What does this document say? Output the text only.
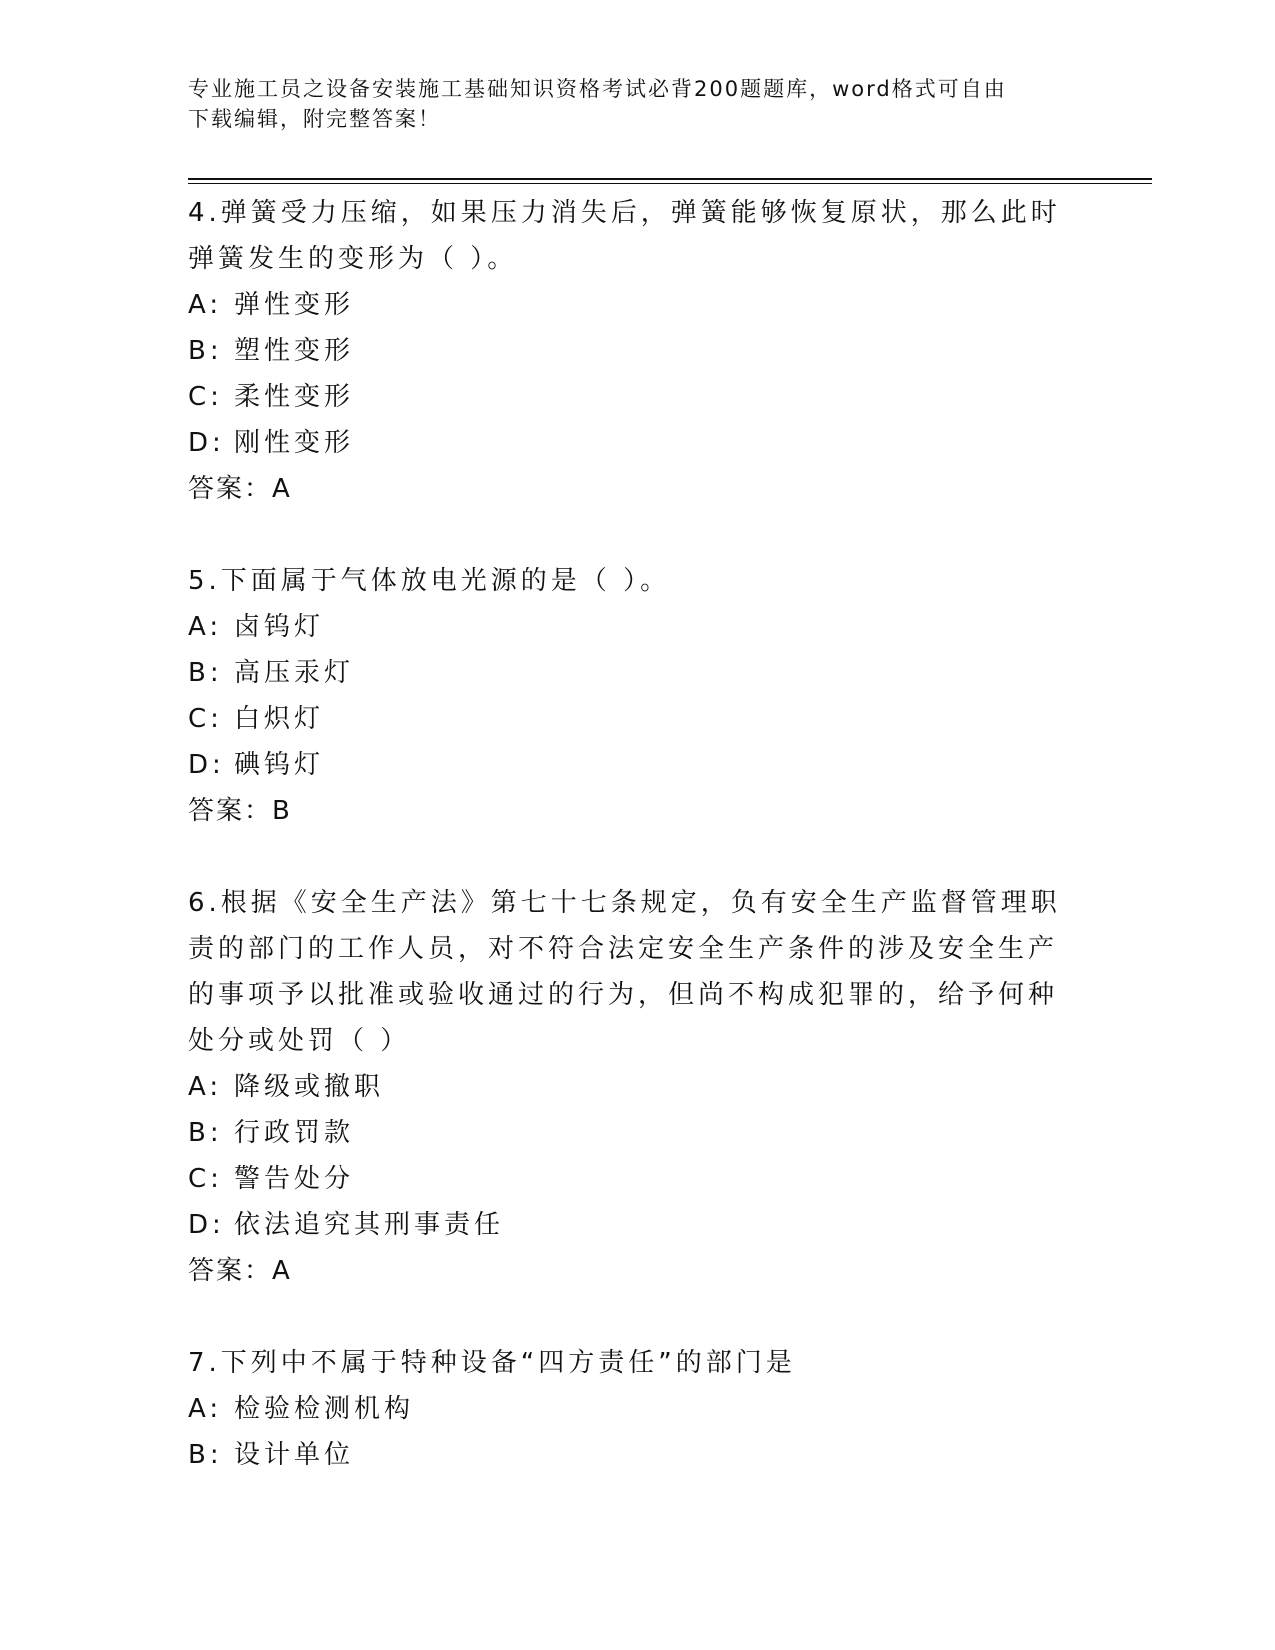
专业施工员之设备安装施工基础知识资格考试必背200题题库，word格式可自由
下载编辑，附完整答案！
4.弹簧受力压缩，如果压力消失后，弹簧能够恢复原状，那么此时弹簧发生的变形为（ ）。
A: 弹性变形
B: 塑性变形
C: 柔性变形
D: 刚性变形
答案：A
5.下面属于气体放电光源的是（ ）。
A: 卤钨灯
B: 高压汞灯
C: 白炽灯
D: 碘钨灯
答案：B
6.根据《安全生产法》第七十七条规定，负有安全生产监督管理职责的部门的工作人员，对不符合法定安全生产条件的涉及安全生产的事项予以批准或验收通过的行为，但尚不构成犯罪的，给予何种处分或处罚（ ）
A: 降级或撤职
B: 行政罚款
C: 警告处分
D: 依法追究其刑事责任
答案：A
7.下列中不属于特种设备“四方责任”的部门是
A: 检验检测机构
B: 设计单位
